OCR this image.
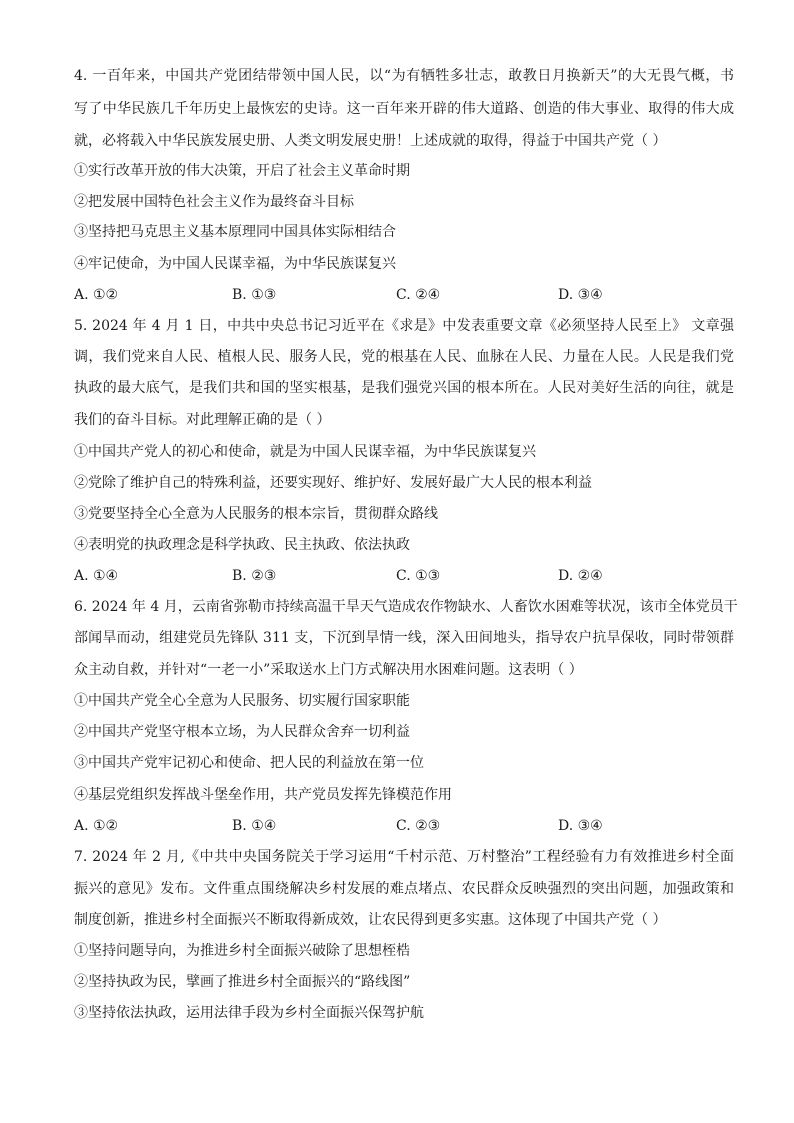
4. 一百年来，中国共产党团结带领中国人民，以“为有牺牲多壮志，敢教日月换新天”的大无畏气概，书
写了中华民族几千年历史上最恢宏的史诗。这一百年来开辟的伟大道路、创造的伟大事业、取得的伟大成
就，必将载入中华民族发展史册、人类文明发展史册！上述成就的取得，得益于中国共产党（ ）
①实行改革开放的伟大决策，开启了社会主义革命时期
②把发展中国特色社会主义作为最终奋斗目标
③坚持把马克思主义基本原理同中国具体实际相结合
④牢记使命，为中国人民谋幸福，为中华民族谋复兴
A. ①②	B. ①③	C. ②④	D. ③④
5. 2024 年 4 月 1 日，中共中央总书记习近平在《求是》中发表重要文章《必须坚持人民至上》 文章强
调，我们党来自人民、植根人民、服务人民，党的根基在人民、血脉在人民、力量在人民。人民是我们党
执政的最大底气，是我们共和国的坚实根基，是我们强党兴国的根本所在。人民对美好生活的向往，就是
我们的奋斗目标。对此理解正确的是（ ）
①中国共产党人的初心和使命，就是为中国人民谋幸福，为中华民族谋复兴
②党除了维护自己的特殊利益，还要实现好、维护好、发展好最广大人民的根本利益
③党要坚持全心全意为人民服务的根本宗旨，贯彻群众路线
④表明党的执政理念是科学执政、民主执政、依法执政
A. ①④	B. ②③	C. ①③	D. ②④
6. 2024 年 4 月，云南省弥勒市持续高温干旱天气造成农作物缺水、人畜饮水困难等状况，该市全体党员干
部闻旱而动，组建党员先锋队 311 支，下沉到旱情一线，深入田间地头，指导农户抗旱保收，同时带领群
众主动自救，并针对“一老一小”采取送水上门方式解决用水困难问题。这表明（ ）
①中国共产党全心全意为人民服务、切实履行国家职能
②中国共产党坚守根本立场，为人民群众舍弃一切利益
③中国共产党牢记初心和使命、把人民的利益放在第一位
④基层党组织发挥战斗堡垒作用，共产党员发挥先锋模范作用
A. ①②	B. ①④	C. ②③	D. ③④
7. 2024 年 2 月,《中共中央国务院关于学习运用“千村示范、万村整治”工程经验有力有效推进乡村全面
振兴的意见》发布。文件重点围绕解决乡村发展的难点堵点、农民群众反映强烈的突出问题，加强政策和
制度创新，推进乡村全面振兴不断取得新成效，让农民得到更多实惠。这体现了中国共产党（ ）
①坚持问题导向，为推进乡村全面振兴破除了思想桎梏
②坚持执政为民，擘画了推进乡村全面振兴的“路线图”
③坚持依法执政，运用法律手段为乡村全面振兴保驾护航
